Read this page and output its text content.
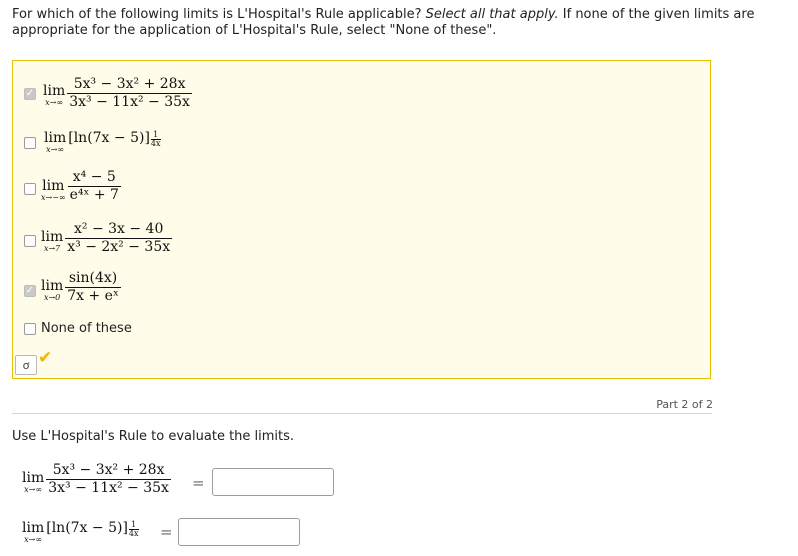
For which of the following limits is L'Hospital's Rule applicable? Select all that apply. If none of the given limits are appropriate for the application of L'Hospital's Rule, select "None of these".
✓ lim
$x\to\infty \frac{\text{5x³ − 3x² + 28x}}{\text{3x³ − 11x² − 35x}}$
lim
x→∞
$[\ln(7x - 5)] \frac{1}{4x}$
lim
$x\to-\infty \frac{\text{x⁴ − 5}}{\text{e⁴ˣ + 7}}$
lim
$x\to 7 \frac{\text{x² − 3x − 40}}{\text{x³ − 2x² − 35x}}$
✓ lim
$x\to 0 \frac{\sin(4x)}{\text{7x + eˣ}}$
None of these
ơ ✔
Part 2 of 2
Use L'Hospital's Rule to evaluate the limits.
lim
$x\to\infty \frac{\text{5x³ − 3x² + 28x}}{\text{3x³ − 11x² − 35x}}$ =
lim
x→∞
$[\ln(7x - 5)] \frac{1}{4x}$ =
